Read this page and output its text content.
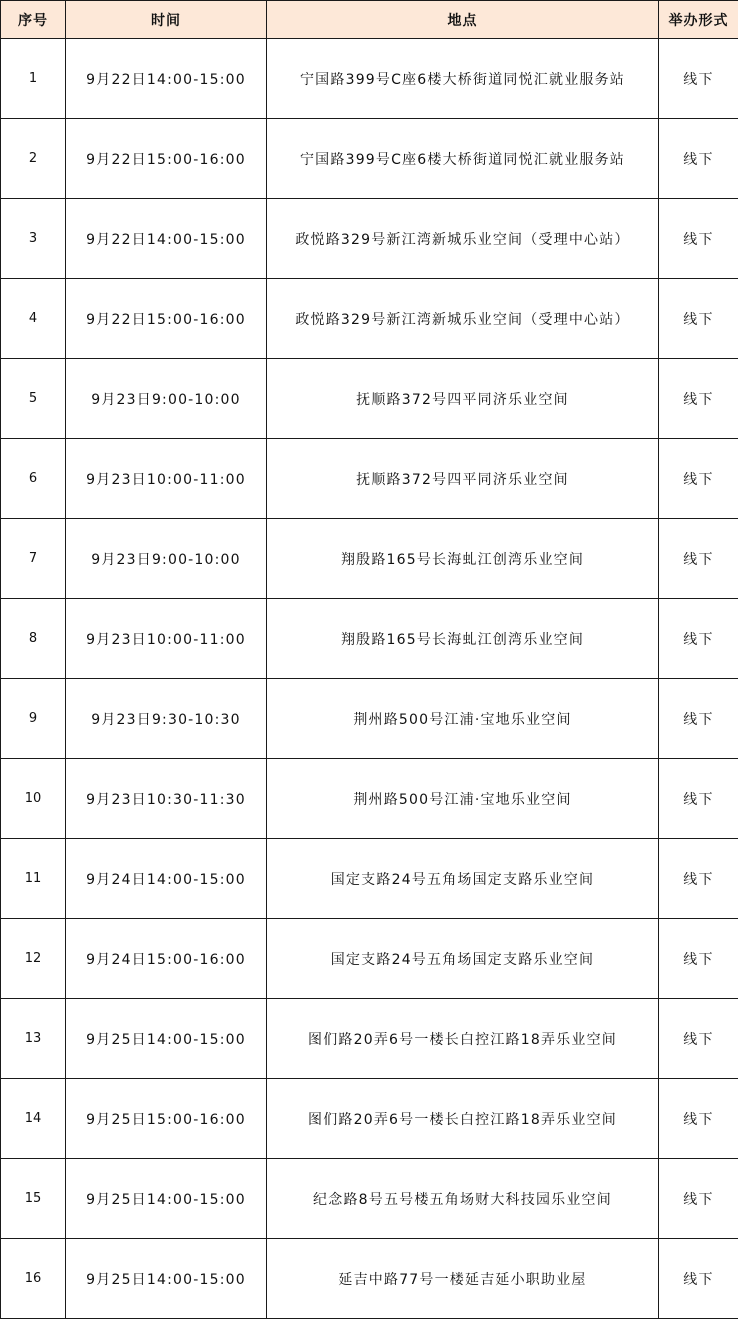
序号	时间	地点	举办形式
1	9月22日14:00-15:00	宁国路399号C座6楼大桥街道同悦汇就业服务站	线下
2	9月22日15:00-16:00	宁国路399号C座6楼大桥街道同悦汇就业服务站	线下
3	9月22日14:00-15:00	政悦路329号新江湾新城乐业空间（受理中心站）	线下
4	9月22日15:00-16:00	政悦路329号新江湾新城乐业空间（受理中心站）	线下
5	9月23日9:00-10:00	抚顺路372号四平同济乐业空间	线下
6	9月23日10:00-11:00	抚顺路372号四平同济乐业空间	线下
7	9月23日9:00-10:00	翔殷路165号长海虬江创湾乐业空间	线下
8	9月23日10:00-11:00	翔殷路165号长海虬江创湾乐业空间	线下
9	9月23日9:30-10:30	荆州路500号江浦·宝地乐业空间	线下
10	9月23日10:30-11:30	荆州路500号江浦·宝地乐业空间	线下
11	9月24日14:00-15:00	国定支路24号五角场国定支路乐业空间	线下
12	9月24日15:00-16:00	国定支路24号五角场国定支路乐业空间	线下
13	9月25日14:00-15:00	图们路20弄6号一楼长白控江路18弄乐业空间	线下
14	9月25日15:00-16:00	图们路20弄6号一楼长白控江路18弄乐业空间	线下
15	9月25日14:00-15:00	纪念路8号五号楼五角场财大科技园乐业空间	线下
16	9月25日14:00-15:00	延吉中路77号一楼延吉延小职助业屋	线下
